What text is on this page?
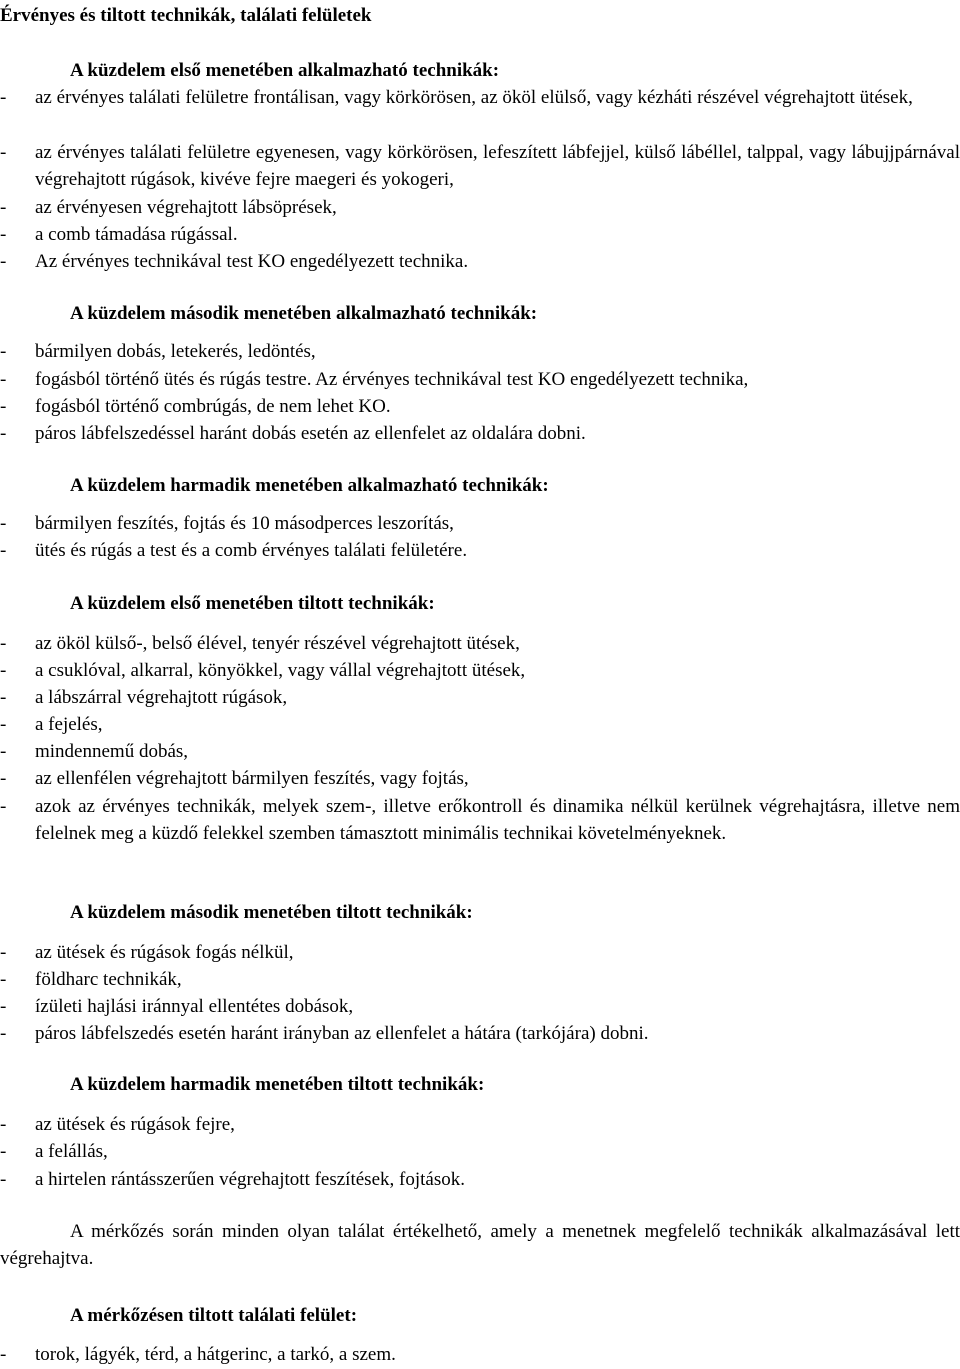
Érvényes és tiltott technikák, találati felületek
A küzdelem első menetében alkalmazható technikák:
- az érvényes találati felületre frontálisan, vagy körkörösen, az ököl elülső, vagy kézháti részével végrehajtott ütések,
- az érvényes találati felületre egyenesen, vagy körkörösen, lefeszített lábfejjel, külső lábéllel, talppal, vagy lábujjpárnával végrehajtott rúgások, kivéve fejre maegeri és yokogeri,
- az érvényesen végrehajtott lábsöprések,
- a comb támadása rúgással.
- Az érvényes technikával test KO engedélyezett technika.
A küzdelem második menetében alkalmazható technikák:
- bármilyen dobás, letekerés, ledöntés,
- fogásból történő ütés és rúgás testre. Az érvényes technikával test KO engedélyezett technika,
- fogásból történő combrúgás, de nem lehet KO.
- páros lábfelszedéssel haránt dobás esetén az ellenfelet az oldalára dobni.
A küzdelem harmadik menetében alkalmazható technikák:
- bármilyen feszítés, fojtás és 10 másodperces leszorítás,
- ütés és rúgás a test és a comb érvényes találati felületére.
A küzdelem első menetében tiltott technikák:
- az ököl külső-, belső élével, tenyér részével végrehajtott ütések,
- a csuklóval, alkarral, könyökkel, vagy vállal végrehajtott ütések,
- a lábszárral végrehajtott rúgások,
- a fejelés,
- mindennemű dobás,
- az ellenfélen végrehajtott bármilyen feszítés, vagy fojtás,
- azok az érvényes technikák, melyek szem-, illetve erőkontroll és dinamika nélkül kerülnek végrehajtásra, illetve nem felelnek meg a küzdő felekkel szemben támasztott minimális technikai követelményeknek.
A küzdelem második menetében tiltott technikák:
- az ütések és rúgások fogás nélkül,
- földharc technikák,
- ízületi hajlási iránnyal ellentétes dobások,
- páros lábfelszedés esetén haránt irányban az ellenfelet a hátára (tarkójára) dobni.
A küzdelem harmadik menetében tiltott technikák:
- az ütések és rúgások fejre,
- a felállás,
- a hirtelen rántásszerűen végrehajtott feszítések, fojtások.
A mérkőzés során minden olyan találat értékelhető, amely a menetnek megfelelő technikák alkalmazásával lett végrehajtva.
A mérkőzésen tiltott találati felület:
- torok, lágyék, térd, a hátgerinc, a tarkó, a szem.
